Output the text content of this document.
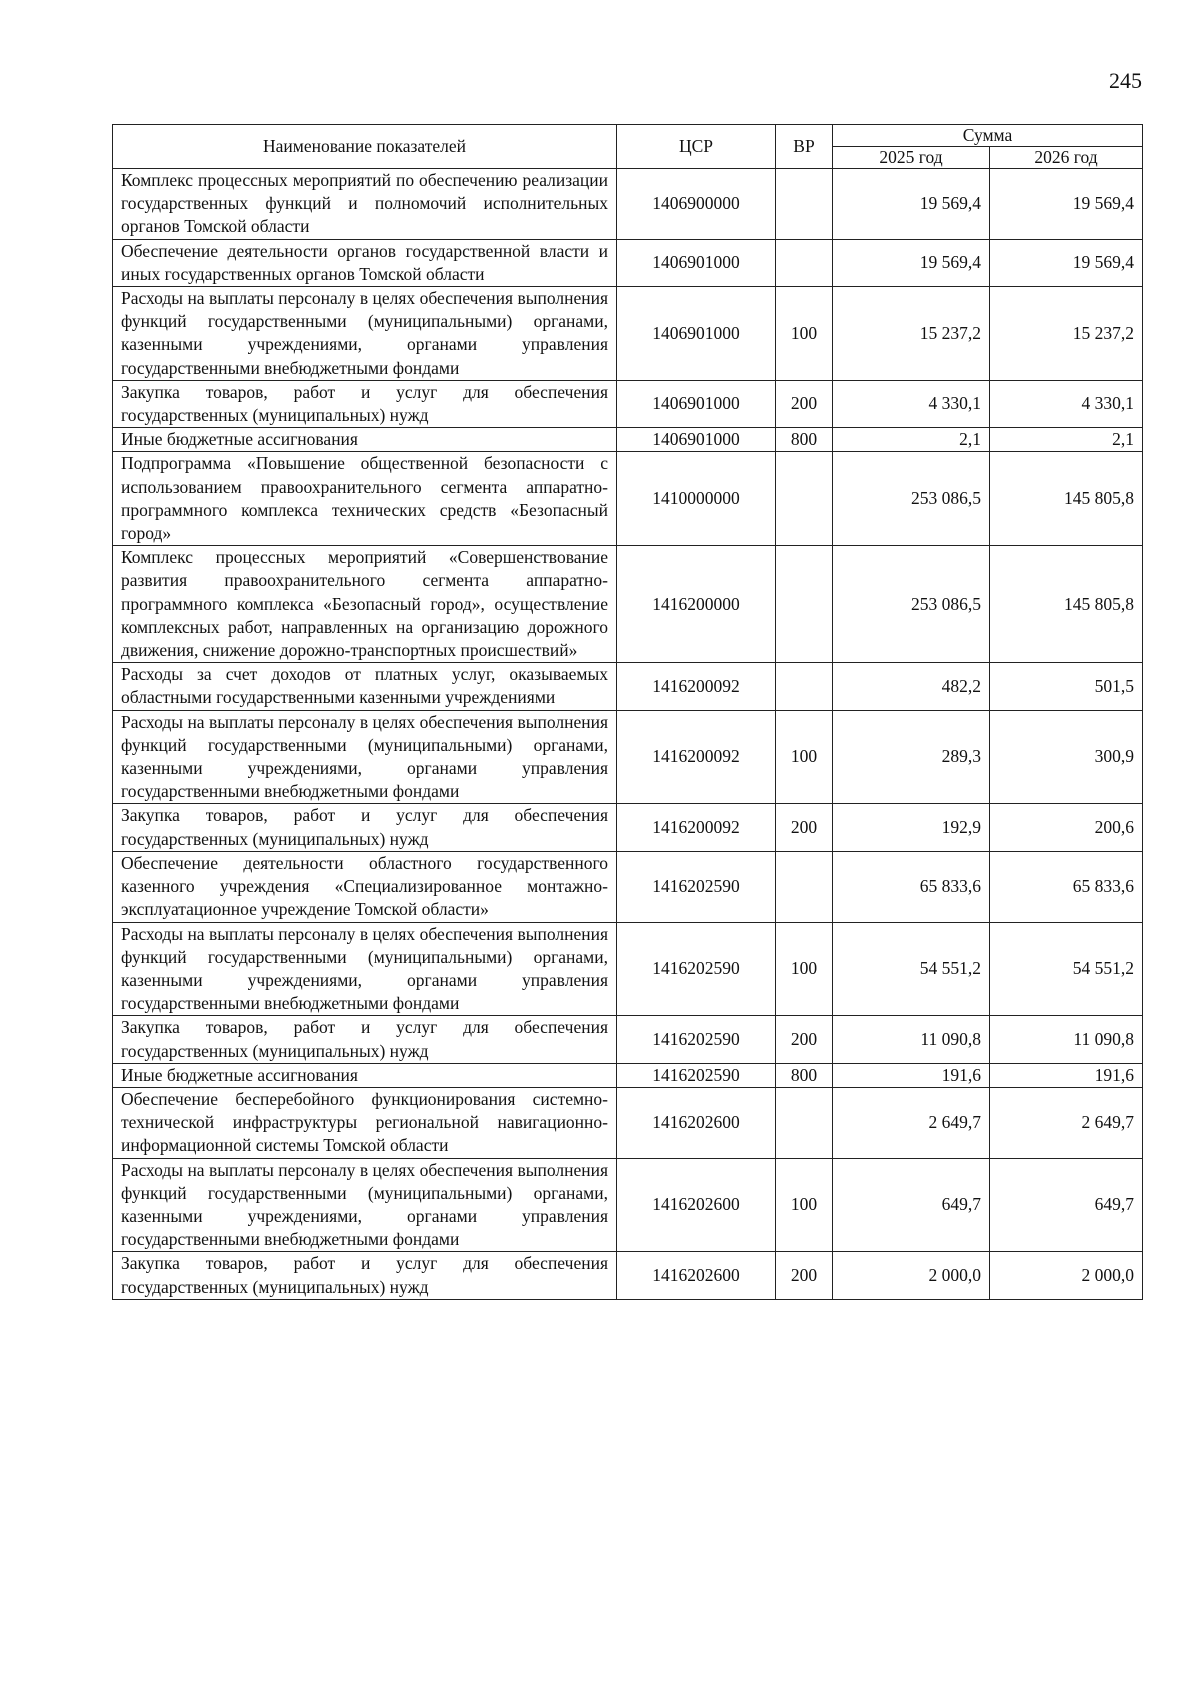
245
Наименование показателей	ЦСР	ВР	Сумма	
			2025 год	2026 год
Комплекс процессных мероприятий по обеспечению реализации государственных функций и полномочий исполнительных органов Томской области	1406900000		19 569,4	19 569,4
Обеспечение деятельности органов государственной власти и иных государственных органов Томской области	1406901000		19 569,4	19 569,4
Расходы на выплаты персоналу в целях обеспечения выполнения функций государственными (муниципальными) органами, казенными учреждениями, органами управления государственными внебюджетными фондами	1406901000	100	15 237,2	15 237,2
Закупка товаров, работ и услуг для обеспечения государственных (муниципальных) нужд	1406901000	200	4 330,1	4 330,1
Иные бюджетные ассигнования	1406901000	800	2,1	2,1
Подпрограмма «Повышение общественной безопасности с использованием правоохранительного сегмента аппаратно-программного комплекса технических средств «Безопасный город»	1410000000		253 086,5	145 805,8
Комплекс процессных мероприятий «Совершенствование развития правоохранительного сегмента аппаратно-программного комплекса «Безопасный город», осуществление комплексных работ, направленных на организацию дорожного движения, снижение дорожно-транспортных происшествий»	1416200000		253 086,5	145 805,8
Расходы за счет доходов от платных услуг, оказываемых областными государственными казенными учреждениями	1416200092		482,2	501,5
Расходы на выплаты персоналу в целях обеспечения выполнения функций государственными (муниципальными) органами, казенными учреждениями, органами управления государственными внебюджетными фондами	1416200092	100	289,3	300,9
Закупка товаров, работ и услуг для обеспечения государственных (муниципальных) нужд	1416200092	200	192,9	200,6
Обеспечение деятельности областного государственного казенного учреждения «Специализированное монтажно-эксплуатационное учреждение Томской области»	1416202590		65 833,6	65 833,6
Расходы на выплаты персоналу в целях обеспечения выполнения функций государственными (муниципальными) органами, казенными учреждениями, органами управления государственными внебюджетными фондами	1416202590	100	54 551,2	54 551,2
Закупка товаров, работ и услуг для обеспечения государственных (муниципальных) нужд	1416202590	200	11 090,8	11 090,8
Иные бюджетные ассигнования	1416202590	800	191,6	191,6
Обеспечение бесперебойного функционирования системно-технической инфраструктуры региональной навигационно-информационной системы Томской области	1416202600		2 649,7	2 649,7
Расходы на выплаты персоналу в целях обеспечения выполнения функций государственными (муниципальными) органами, казенными учреждениями, органами управления государственными внебюджетными фондами	1416202600	100	649,7	649,7
Закупка товаров, работ и услуг для обеспечения государственных (муниципальных) нужд	1416202600	200	2 000,0	2 000,0
